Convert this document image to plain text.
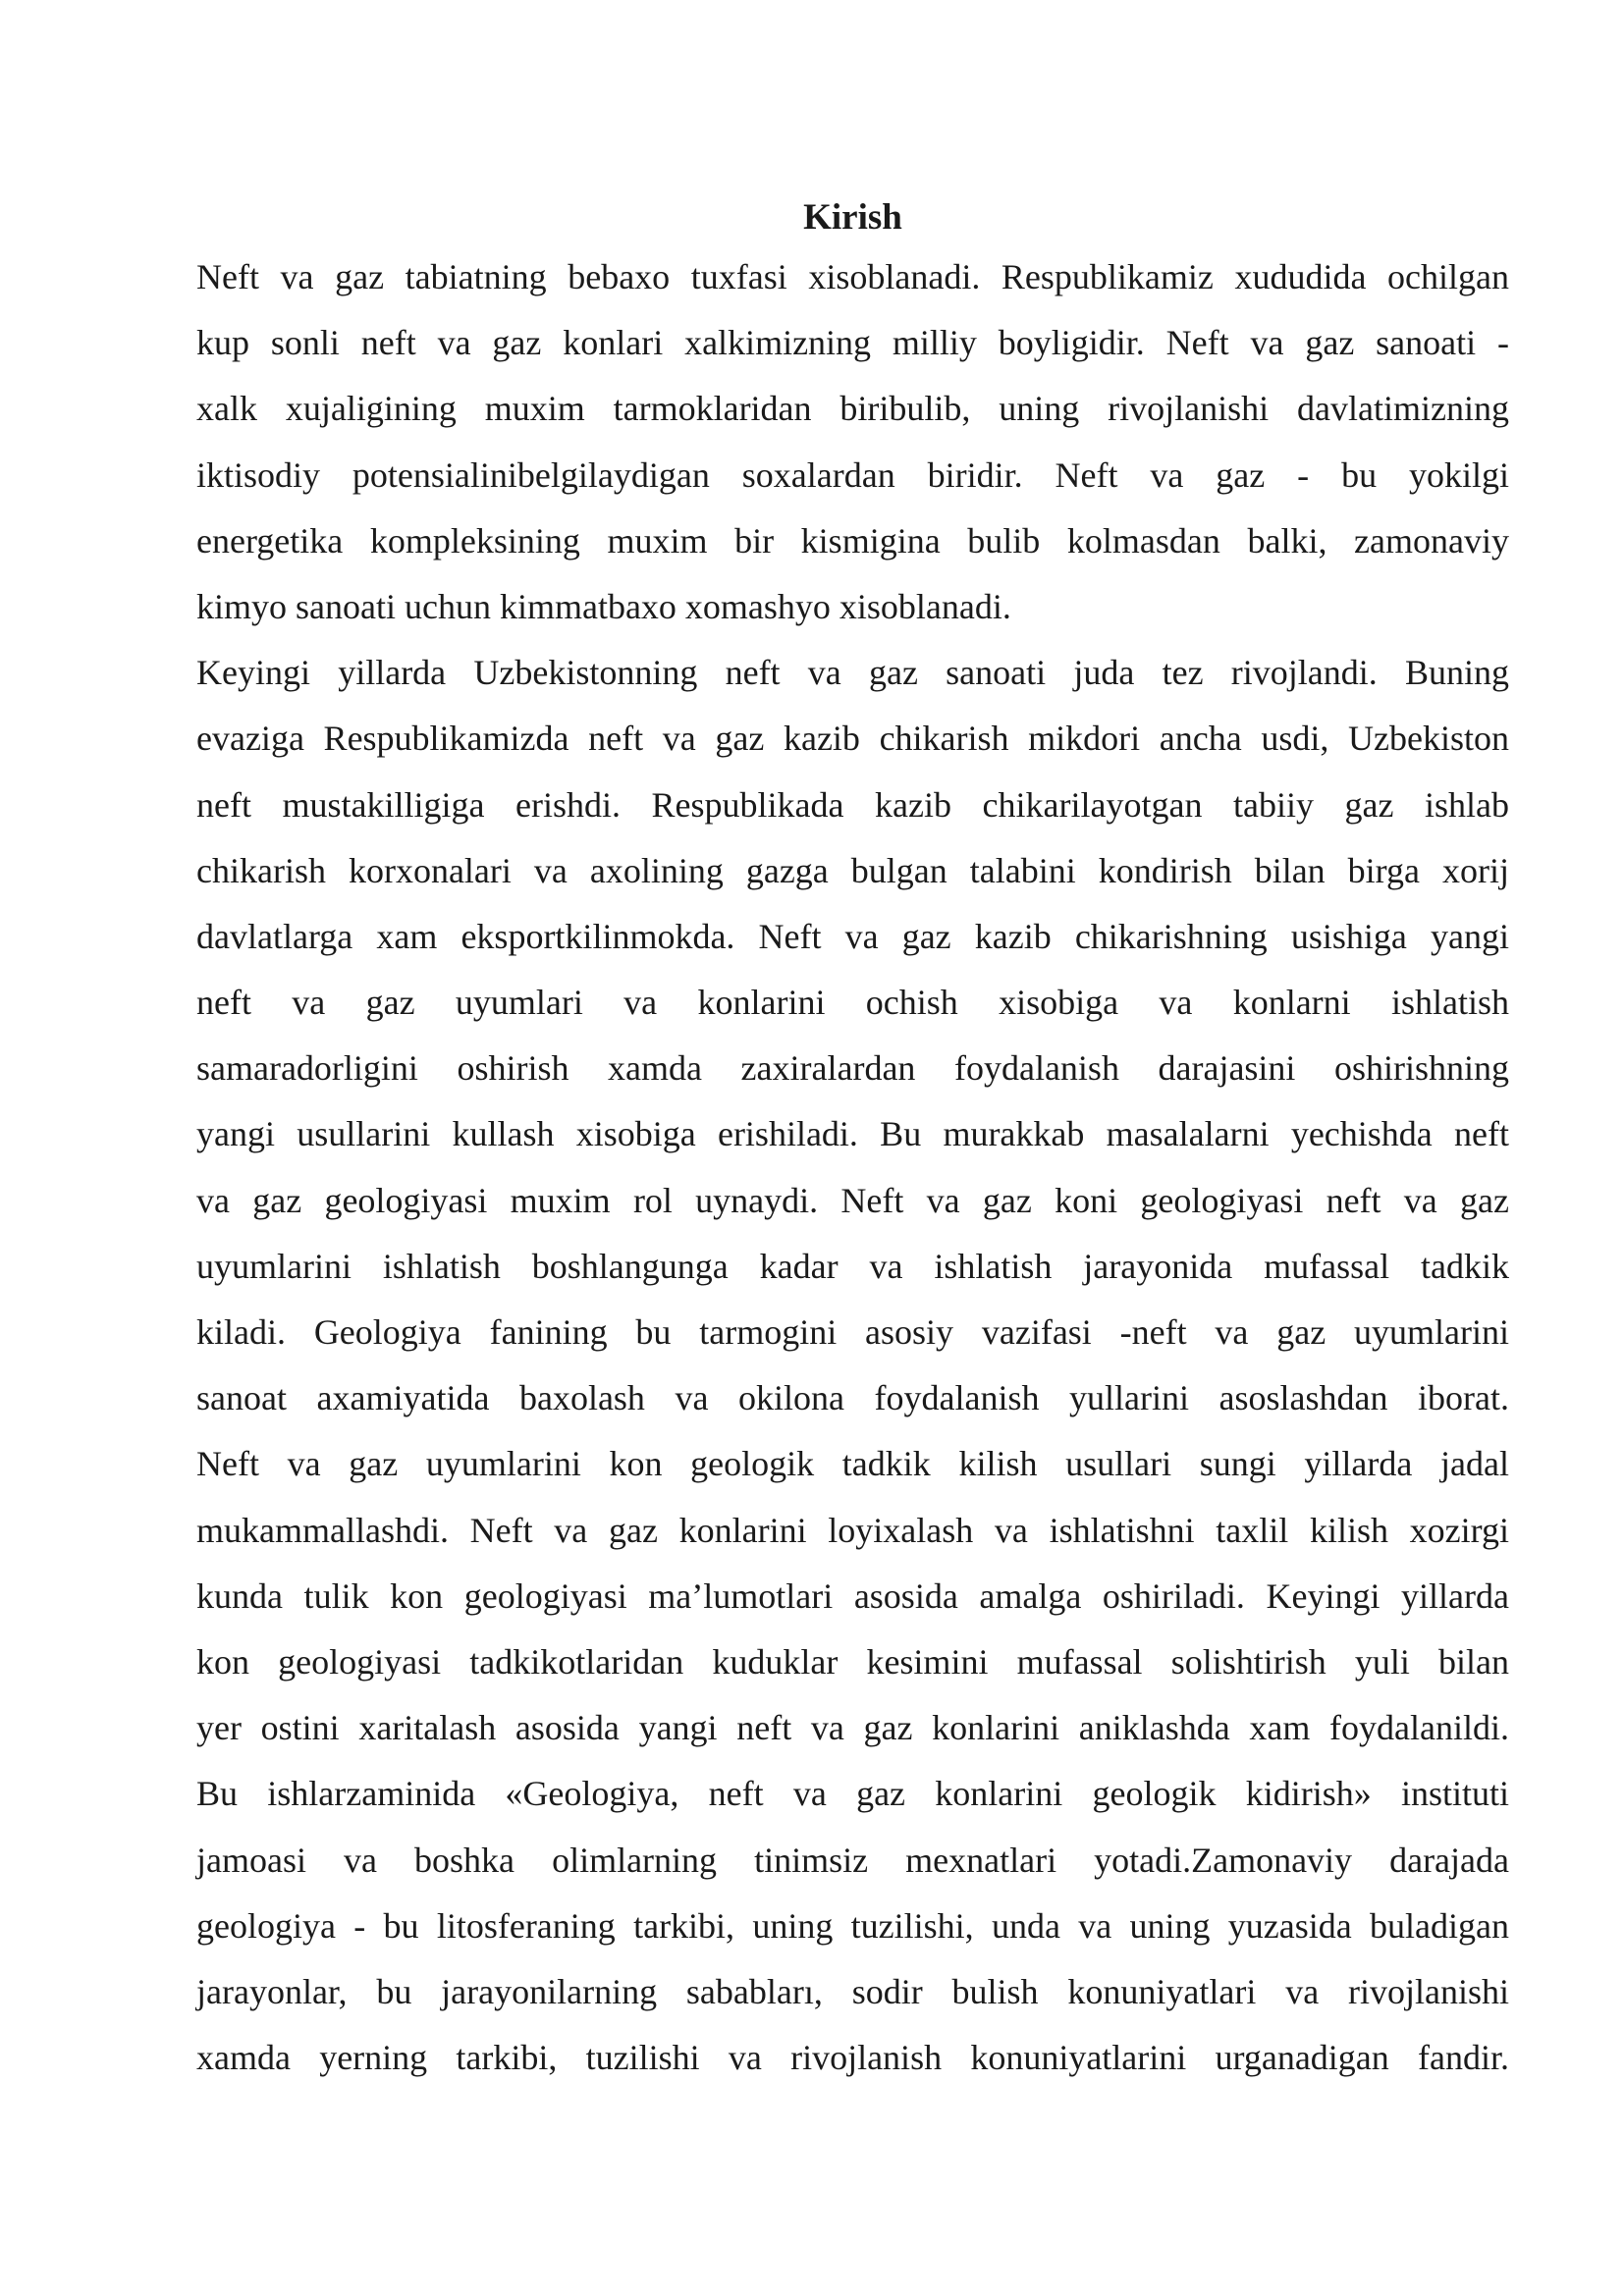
Kirish

Neft va gaz tabiatning bebaxo tuxfasi xisoblanadi. Respublikamiz xududida ochilgan
kup sonli neft va gaz konlari xalkimizning milliy boyligidir. Neft va gaz sanoati -
xalk xujaligining muxim tarmoklaridan biribulib, uning rivojlanishi davlatimizning
iktisodiy potensialinibelgilaydigan soxalardan biridir. Neft va gaz - bu yokilgi
energetika kompleksining muxim bir kismigina bulib kolmasdan balki, zamonaviy
kimyo sanoati uchun kimmatbaxo xomashyo xisoblanadi.

Keyingi yillarda Uzbekistonning neft va gaz sanoati juda tez rivojlandi. Buning
evaziga Respublikamizda neft va gaz kazib chikarish mikdori ancha usdi, Uzbekiston
neft mustakilligiga erishdi. Respublikada kazib chikarilayotgan tabiiy gaz ishlab
chikarish korxonalari va axolining gazga bulgan talabini kondirish bilan birga xorij
davlatlarga xam eksportkilinmokda. Neft va gaz kazib chikarishning usishiga yangi
neft va gaz uyumlari va konlarini ochish xisobiga va konlarni ishlatish
samaradorligini oshirish xamda zaxiralardan foydalanish darajasini oshirishning
yangi usullarini kullash xisobiga erishiladi. Bu murakkab masalalarni yechishda neft
va gaz geologiyasi muxim rol uynaydi. Neft va gaz koni geologiyasi neft va gaz
uyumlarini ishlatish boshlangunga kadar va ishlatish jarayonida mufassal tadkik
kiladi. Geologiya fanining bu tarmogini asosiy vazifasi -neft va gaz uyumlarini
sanoat axamiyatida baxolash va okilona foydalanish yullarini asoslashdan iborat.
Neft va gaz uyumlarini kon geologik tadkik kilish usullari sungi yillarda jadal
mukammallashdi. Neft va gaz konlarini loyixalash va ishlatishni taxlil kilish xozirgi
kunda tulik kon geologiyasi ma’lumotlari asosida amalga oshiriladi. Keyingi yillarda
kon geologiyasi tadkikotlaridan kuduklar kesimini mufassal solishtirish yuli bilan
yer ostini xaritalash asosida yangi neft va gaz konlarini aniklashda xam foydalanildi.
Bu ishlarzaminida «Geologiya, neft va gaz konlarini geologik kidirish» instituti
jamoasi va boshka olimlarning tinimsiz mexnatlari yotadi.Zamonaviy darajada
geologiya - bu litosferaning tarkibi, uning tuzilishi, unda va uning yuzasida buladigan
jarayonlar, bu jarayonilarning sababları, sodir bulish konuniyatlari va rivojlanishi
xamda yerning tarkibi, tuzilishi va rivojlanish konuniyatlarini urganadigan fandir.
